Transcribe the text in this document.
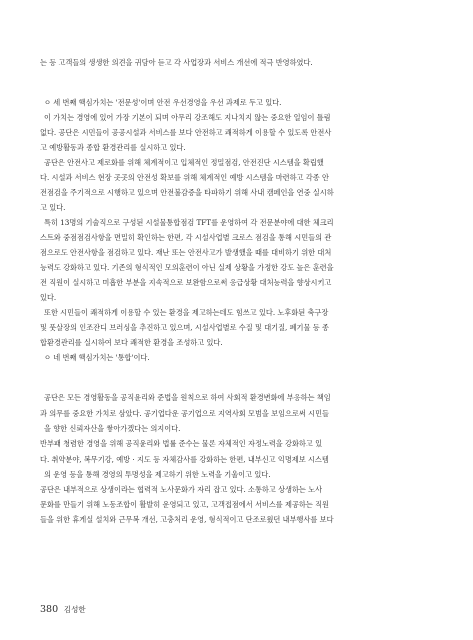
는 등 고객들의 생생한 의견을 귀담아 듣고 각 사업장과 서비스 개선에 적극 반영하였다.
ㅇ 세 번째 핵심가치는 '전문성'이며 안전 우선경영을 우선 과제로 두고 있다.
이 가치는 경영에 있어 가장 기본이 되며 아무리 강조해도 지나치지 않는 중요한 일임이 틀림
없다. 공단은 시민들이 공공시설과 서비스를 보다 안전하고 쾌적하게 이용할 수 있도록 안전사
고 예방활동과 종합 환경관리를 실시하고 있다.
공단은 안전사고 제로화를 위해 체계적이고 입체적인 정밀점검, 안전진단 시스템을 확립했
다. 시설과 서비스 현장 곳곳의 안전성 확보를 위해 체계적인 예방 시스템을 마련하고 각종 안
전점검을 주기적으로 시행하고 있으며 안전불감증을 타파하기 위해 사내 캠페인을 연중 실시하
고 있다.
특히 13명의 기술직으로 구성된 시설물통합점검 TFT를 운영하여 각 전문분야에 대한 체크리
스트와 중점점검사항을 면밀히 확인하는 한편, 각 시설사업별 크로스 점검을 통해 시민들의 관
점으로도 안전사항을 점검하고 있다. 재난 또는 안전사고가 발생했을 때를 대비하기 위한 대처
능력도 강화하고 있다. 기존의 형식적인 모의훈련이 아닌 실제 상황을 가정한 강도 높은 훈련을
전 직원이 실시하고 미흡한 부분을 지속적으로 보완함으로써 응급상황 대처능력을 향상시키고
있다.
또한 시민들이 쾌적하게 이용할 수 있는 환경을 제고하는데도 힘쓰고 있다. 노후화된 축구장
및 풋살장의 인조잔디 브러싱을 추진하고 있으며, 시설사업별로 수질 및 대기질, 폐기물 등 종
합환경관리를 실시하여 보다 쾌적한 환경을 조성하고 있다.
ㅇ 네 번째 핵심가치는 '통합'이다.
공단은 모든 경영활동을 공직윤리와 준법을 원칙으로 하여 사회적 환경변화에 부응하는 책임
과 의무를 중요한 가치로 삼았다. 공기업다운 공기업으로 지역사회 모범을 보임으로써 시민들
을 향한 신뢰자산을 쌓아가겠다는 의지이다.
반부패 청렴한 경영을 위해 공직윤리와 법률 준수는 물론 자체적인 자정노력을 강화하고 있
다. 취약분야, 복무기강, 예방 · 지도 등 자체감사를 강화하는 한편, 내부신고 익명제보 시스템
의 운영 등을 통해 경영의 투명성을 제고하기 위한 노력을 기울이고 있다.
공단은 내부적으로 상생이라는 협력적 노사문화가 자리 잡고 있다. 소통하고 상생하는 노사
문화를 만들기 위해 노동조합이 활발히 운영되고 있고, 고객접점에서 서비스를 제공하는 직원
들을 위한 휴게실 설치와 근무복 개선, 고충처리 운영, 형식적이고 단조로웠던 내부행사를 보다
380 김성한
